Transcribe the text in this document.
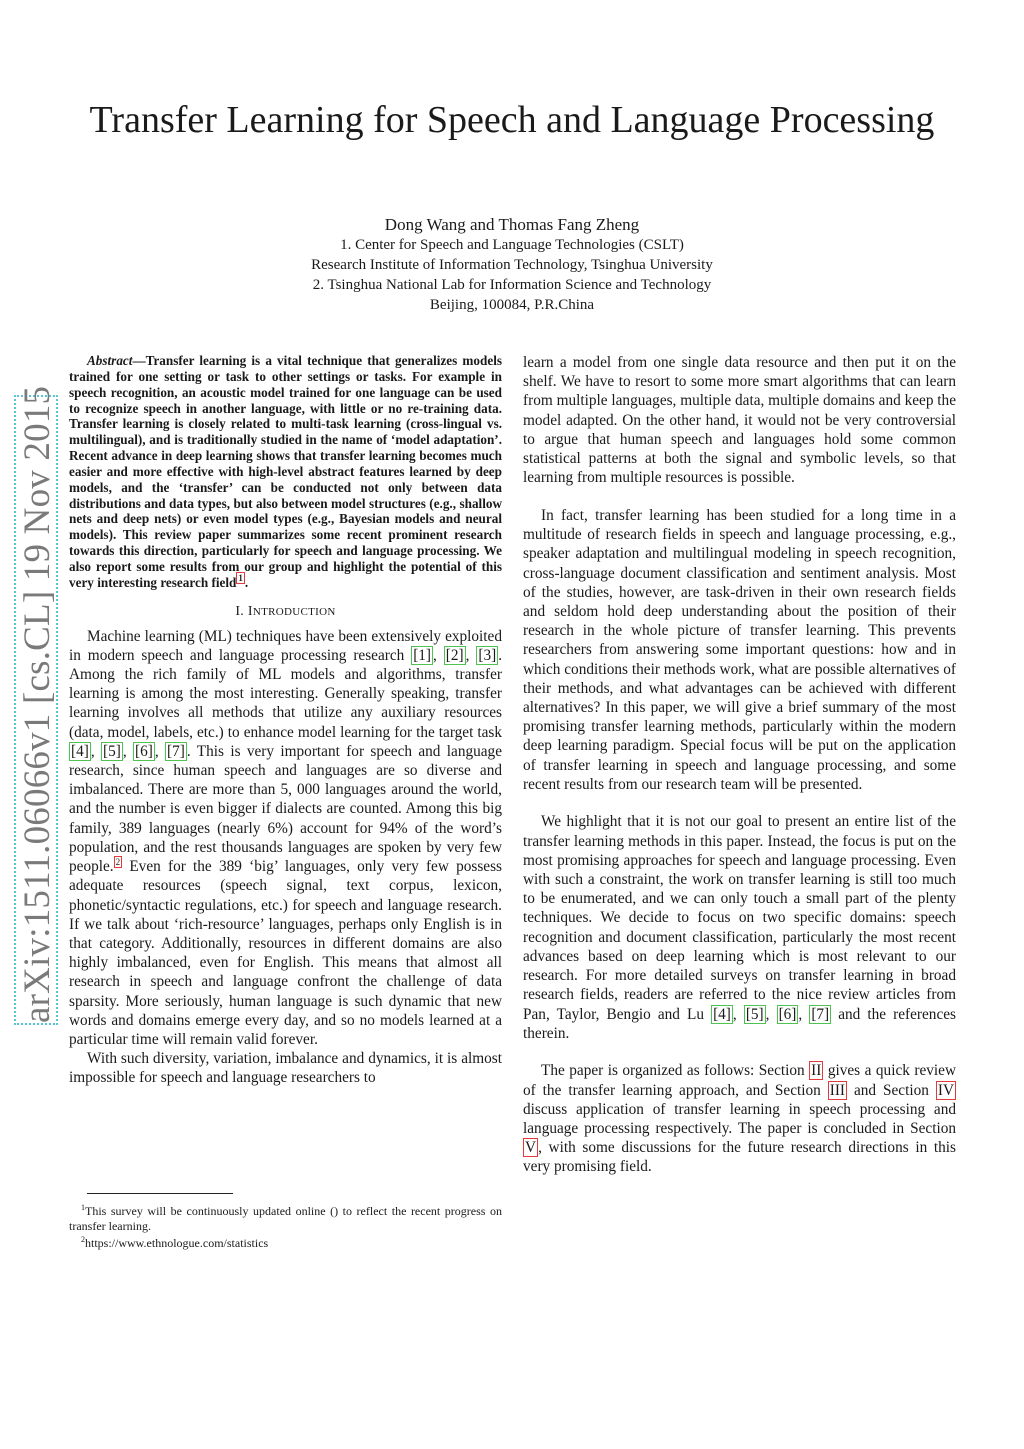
Transfer Learning for Speech and Language Processing
Dong Wang and Thomas Fang Zheng
1. Center for Speech and Language Technologies (CSLT)
Research Institute of Information Technology, Tsinghua University
2. Tsinghua National Lab for Information Science and Technology
Beijing, 100084, P.R.China
arXiv:1511.06066v1 [cs.CL] 19 Nov 2015

Abstract—Transfer learning is a vital technique that generalizes models trained for one setting or task to other settings or tasks. For example in speech recognition, an acoustic model trained for one language can be used to recognize speech in another language, with little or no re-training data. Transfer learning is closely related to multi-task learning (cross-lingual vs. multilingual), and is traditionally studied in the name of ‘model adaptation’. Recent advance in deep learning shows that transfer learning becomes much easier and more effective with high-level abstract features learned by deep models, and the ‘transfer’ can be conducted not only between data distributions and data types, but also between model structures (e.g., shallow nets and deep nets) or even model types (e.g., Bayesian models and neural models). This review paper summarizes some recent prominent research towards this direction, particularly for speech and language processing. We also report some results from our group and highlight the potential of this very interesting research field $^1$ .

I. INTRODUCTION

Machine learning (ML) techniques have been extensively exploited in modern speech and language processing research [1] , [2] , [3] . Among the rich family of ML models and algorithms, transfer learning is among the most interesting. Generally speaking, transfer learning involves all methods that utilize any auxiliary resources (data, model, labels, etc.) to enhance model learning for the target task [4] , [5] , [6] , [7] . This is very important for speech and language research, since human speech and languages are so diverse and imbalanced. There are more than 5, 000 languages around the world, and the number is even bigger if dialects are counted. Among this big family, 389 languages (nearly 6%) account for 94% of the word’s population, and the rest thousands languages are spoken by very few people. $^2$ Even for the 389 ‘big’ languages, only very few possess adequate resources (speech signal, text corpus, lexicon, phonetic/syntactic regulations, etc.) for speech and language research. If we talk about ‘rich-resource’ languages, perhaps only English is in that category. Additionally, resources in different domains are also highly imbalanced, even for English. This means that almost all research in speech and language confront the challenge of data sparsity. More seriously, human language is such dynamic that new words and domains emerge every day, and so no models learned at a particular time will remain valid forever.

With such diversity, variation, imbalance and dynamics, it is almost impossible for speech and language researchers to

$^1$This survey will be continuously updated online () to reflect the recent progress on transfer learning.

$^2$https://www.ethnologue.com/statistics

learn a model from one single data resource and then put it on the shelf. We have to resort to some more smart algorithms that can learn from multiple languages, multiple data, multiple domains and keep the model adapted. On the other hand, it would not be very controversial to argue that human speech and languages hold some common statistical patterns at both the signal and symbolic levels, so that learning from multiple resources is possible.

In fact, transfer learning has been studied for a long time in a multitude of research fields in speech and language processing, e.g., speaker adaptation and multilingual modeling in speech recognition, cross-language document classification and sentiment analysis. Most of the studies, however, are task-driven in their own research fields and seldom hold deep understanding about the position of their research in the whole picture of transfer learning. This prevents researchers from answering some important questions: how and in which conditions their methods work, what are possible alternatives of their methods, and what advantages can be achieved with different alternatives? In this paper, we will give a brief summary of the most promising transfer learning methods, particularly within the modern deep learning paradigm. Special focus will be put on the application of transfer learning in speech and language processing, and some recent results from our research team will be presented.

We highlight that it is not our goal to present an entire list of the transfer learning methods in this paper. Instead, the focus is put on the most promising approaches for speech and language processing. Even with such a constraint, the work on transfer learning is still too much to be enumerated, and we can only touch a small part of the plenty techniques. We decide to focus on two specific domains: speech recognition and document classification, particularly the most recent advances based on deep learning which is most relevant to our research. For more detailed surveys on transfer learning in broad research fields, readers are referred to the nice review articles from Pan, Taylor, Bengio and Lu [4] , [5] , [6] , [7] and the references therein.

The paper is organized as follows: Section II gives a quick review of the transfer learning approach, and Section III and Section IV discuss application of transfer learning in speech processing and language processing respectively. The paper is concluded in Section V , with some discussions for the future research directions in this very promising field.
